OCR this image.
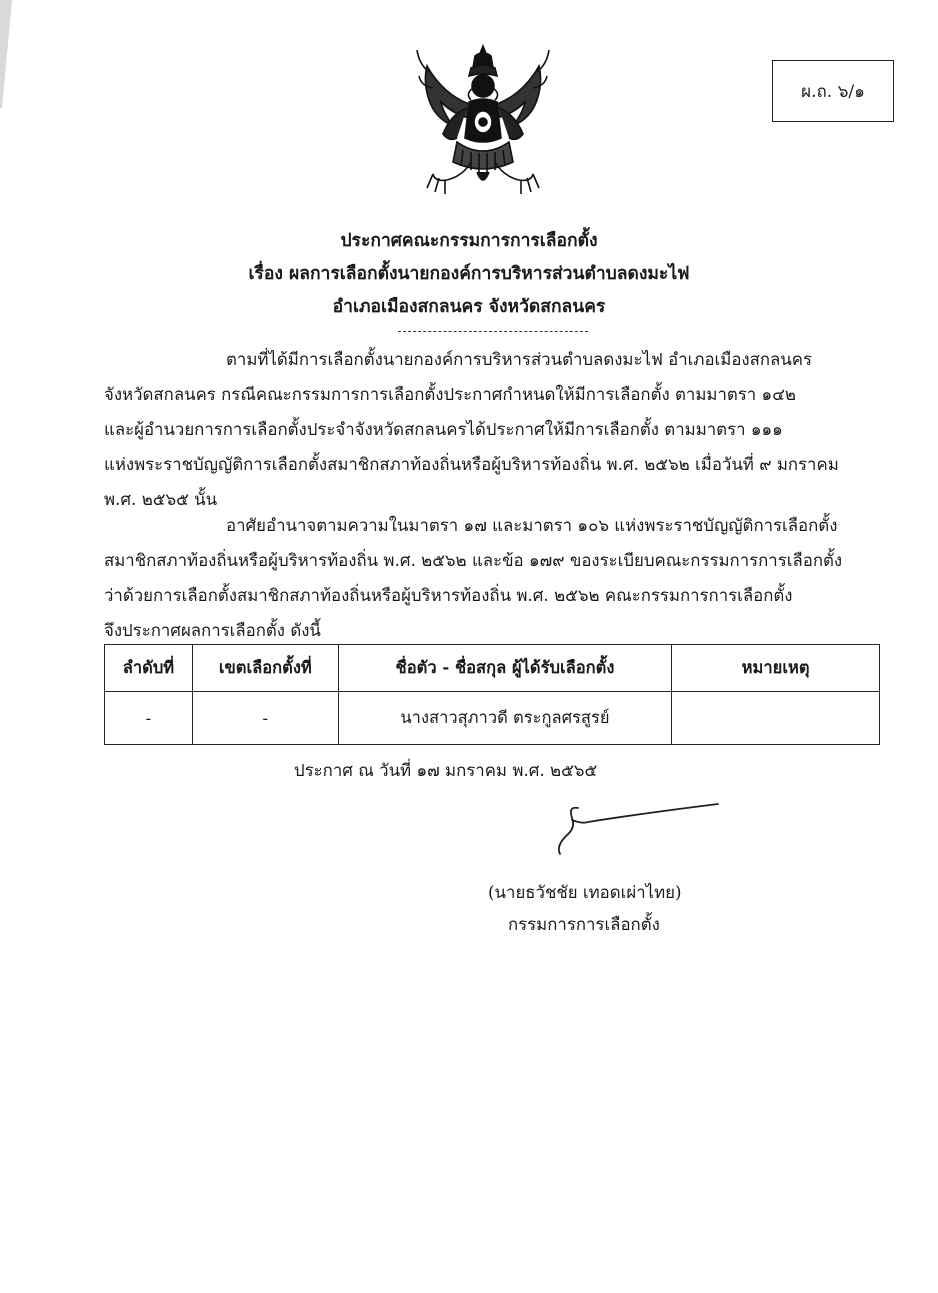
ผ.ถ. ๖/๑
ประกาศคณะกรรมการการเลือกตั้ง
เรื่อง ผลการเลือกตั้งนายกองค์การบริหารส่วนตำบลดงมะไฟ
อำเภอเมืองสกลนคร จังหวัดสกลนคร
ตามที่ได้มีการเลือกตั้งนายกองค์การบริหารส่วนตำบลดงมะไฟ อำเภอเมืองสกลนคร
จังหวัดสกลนคร กรณีคณะกรรมการการเลือกตั้งประกาศกำหนดให้มีการเลือกตั้ง ตามมาตรา ๑๔๒
และผู้อำนวยการการเลือกตั้งประจำจังหวัดสกลนครได้ประกาศให้มีการเลือกตั้ง ตามมาตรา ๑๑๑
แห่งพระราชบัญญัติการเลือกตั้งสมาชิกสภาท้องถิ่นหรือผู้บริหารท้องถิ่น พ.ศ. ๒๕๖๒ เมื่อวันที่ ๙ มกราคม
พ.ศ. ๒๕๖๕ นั้น
อาศัยอำนาจตามความในมาตรา ๑๗ และมาตรา ๑๐๖ แห่งพระราชบัญญัติการเลือกตั้ง
สมาชิกสภาท้องถิ่นหรือผู้บริหารท้องถิ่น พ.ศ. ๒๕๖๒ และข้อ ๑๗๙ ของระเบียบคณะกรรมการการเลือกตั้ง
ว่าด้วยการเลือกตั้งสมาชิกสภาท้องถิ่นหรือผู้บริหารท้องถิ่น พ.ศ. ๒๕๖๒ คณะกรรมการการเลือกตั้ง
จึงประกาศผลการเลือกตั้ง ดังนี้
ลำดับที่	เขตเลือกตั้งที่	ชื่อตัว - ชื่อสกุล ผู้ได้รับเลือกตั้ง	หมายเหตุ
-	-	นางสาวสุภาวดี ตระกูลศรสูรย์	
ประกาศ ณ วันที่ ๑๗ มกราคม พ.ศ. ๒๕๖๕
(นายธวัชชัย เทอดเผ่าไทย)
กรรมการการเลือกตั้ง
